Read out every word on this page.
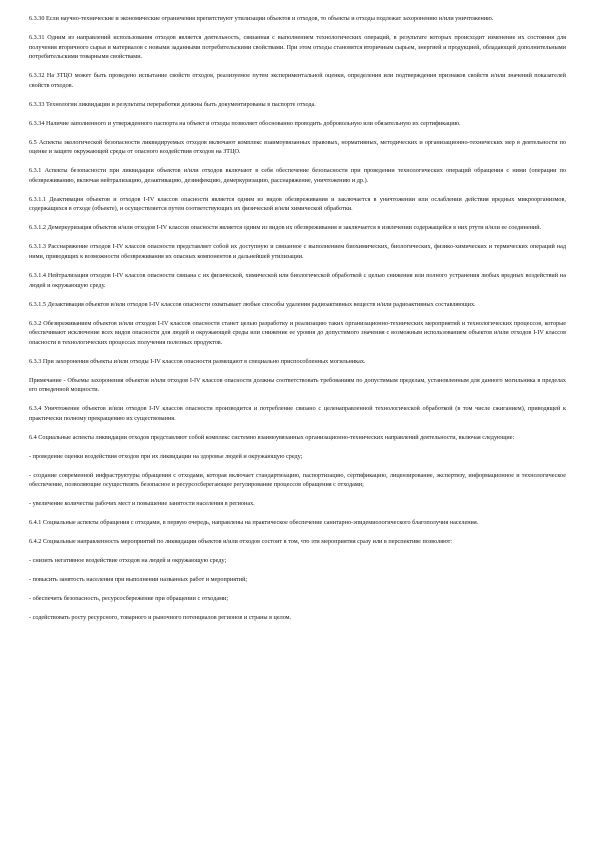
6.3.30 Если научно-технические и экономические ограничения препятствуют утилизации объектов и отходов, то объекты и отходы подлежат захоронению и/или уничтожению.

6.3.31 Одним из направлений использования отходов является деятельность, связанная с выполнением технологических операций, в результате которых происходит изменение их состояния для получения вторичного сырья и материалов с новыми заданными потребительскими свойствами. При этом отходы становятся вторичным сырьем, энергией и продукцией, обладающей дополнительными потребительскими товарными свойствами.

6.3.32 На ЗТЦО может быть проведено испытание свойств отходов, реализуемое путем экспериментальной оценки, определения или подтверждения признаков свойств и/или значений показателей свойств отходов.

6.3.33 Технологии ликвидации и результаты переработки должны быть документированы в паспорте отхода.

6.3.34 Наличие заполненного и утвержденного паспорта на объект и отходы позволяет обоснованно проводить добровольную или обязательную их сертификацию.

6.5 Аспекты экологической безопасности ликвидируемых отходов включают комплекс взаимоувязанных правовых, нормативных, методических и организационно-технических мер в деятельности по оценке и защите окружающей среды от опасного воздействия отходов на ЗТЦО.

6.3.1 Аспекты безопасности при ликвидации объектов и/или отходов включают в себя обеспечение безопасности при проведении технологических операций обращения с ними (операции по обезвреживанию, включая нейтрализацию, дезактивацию, дезинфекцию, демеркуризацию, расснаряжение, уничтожению и др.).

6.3.1.1 Деактивация объектов и отходов I-IV классов опасности является одним из видов обезвреживания и заключается в уничтожении или ослаблении действия вредных микроорганизмов, содержащихся в отходе (объекте), и осуществляется путем соответствующих их физической и/или химической обработки.

6.3.1.2 Демеркуризация объектов и/или отходов I-IV классов опасности является одним из видов их обезвреживания и заключается в извлечении содержащейся в них ртути и/или ее соединений.

6.3.1.3 Расснаряжение отходов I-IV классов опасности представляет собой их доступную и связанное с выполнением биохимических, биологических, физико-химических и термических операций над ними, приводящих к возможности обезвреживания их опасных компонентов и дальнейшей утилизации.

6.3.1.4 Нейтрализация отходов I-IV классов опасности связана с их физической, химической или биологической обработкой с целью снижения или полного устранения любых вредных воздействий на людей и окружающую среду.

6.3.1.5 Дезактивация объектов и/или отходов I-IV классов опасности охватывает любые способы удаления радиоактивных веществ и/или радиоактивных составляющих.

6.3.2 Обезвреживанием объектов и/или отходов I-IV классов опасности станет целью разработку и реализацию таких организационно-технических мероприятий и технологических процессов, которые обеспечивают исключение всех видов опасности для людей и окружающей среды или снижение ее уровня до допустимого значения с возможным использованием объектов и/или отходов I-IV классов опасности в технологических процессах получения полезных продуктов.

6.3.3 При захоронении объекты и/или отходы I-IV классов опасности размещают в специально приспособленных могильниках.

Примечание - Объемы захоронения объектов и/или отходов I-IV классов опасности должны соответствовать требованиям по допустимым пределам, установленным для данного могильника в пределах его отведенной мощности.

6.3.4 Уничтожение объектов и/или отходов I-IV классов опасности производится и потребление связано с целенаправленной технологической обработкой (в том числе сжиганием), приводящей к практически полному прекращению их существования.

6.4 Социальные аспекты ликвидации отходов представляют собой комплекс системно взаимоувязанных организационно-технических направлений деятельности, включая следующие:

- проведение оценки воздействия отходов при их ликвидации на здоровье людей и окружающую среду;

- создание современной инфраструктуры обращения с отходами, которая включает стандартизацию, паспортизацию, сертификацию, лицензирование, экспертизу, информационное и технологическое обеспечение, позволяющие осуществлять безопасное и ресурсосберегающее регулирование процессов обращения с отходами;

- увеличение количества рабочих мест и повышение занятости населения в регионах.

6.4.1 Социальные аспекты обращения с отходами, в первую очередь, направлены на практическое обеспечение санитарно-эпидемиологического благополучия населения.

6.4.2 Социальные направленность мероприятий по ликвидации объектов и/или отходов состоит в том, что эти мероприятия сразу или в перспективе позволяют:

- снизить негативное воздействие отходов на людей и окружающую среду;

- повысить занятость населения при выполнении названных работ и мероприятий;

- обеспечить безопасность, ресурсосбережение при обращении с отходами;

- содействовать росту ресурсного, товарного и рыночного потенциалов регионов и страны в целом.
